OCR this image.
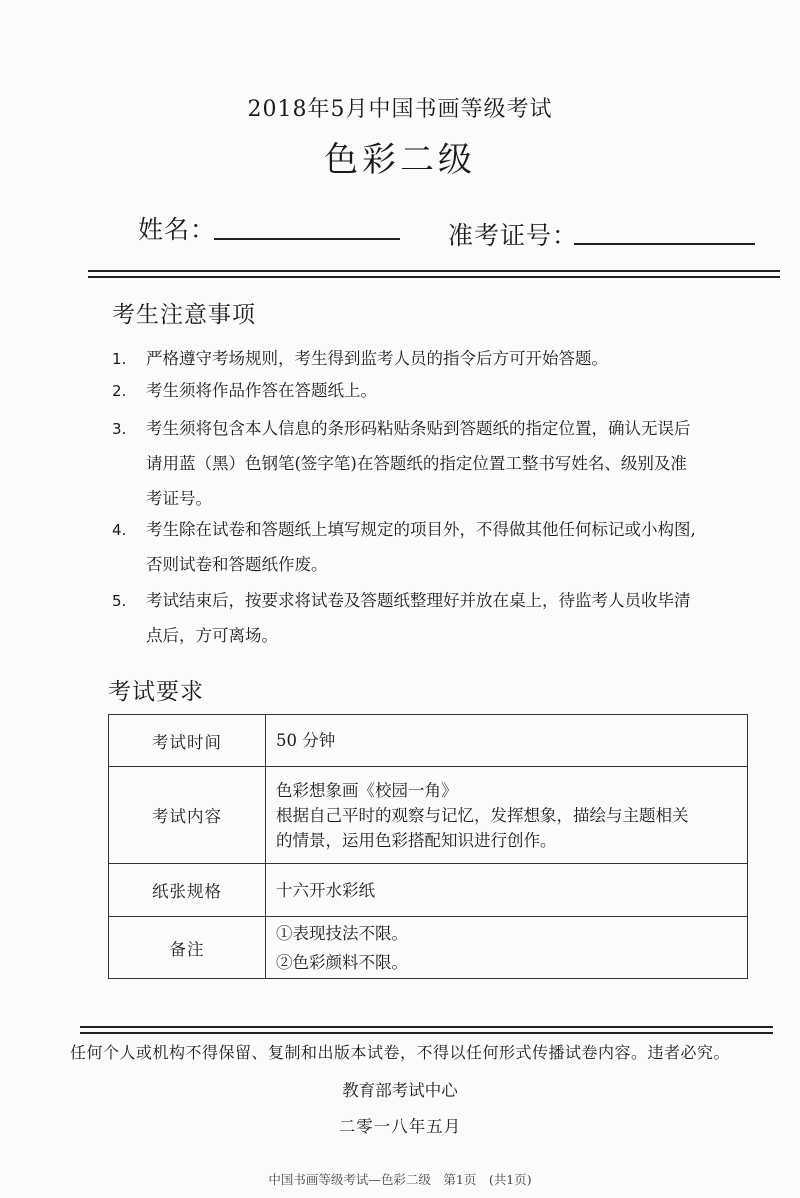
2018年5月中国书画等级考试
色彩二级
姓名：	准考证号：
考生注意事项
1.	严格遵守考场规则，考生得到监考人员的指令后方可开始答题。
2.	考生须将作品作答在答题纸上。
3.	考生须将包含本人信息的条形码粘贴条贴到答题纸的指定位置，确认无误后
请用蓝（黑）色钢笔(签字笔)在答题纸的指定位置工整书写姓名、级别及准
考证号。
4.	考生除在试卷和答题纸上填写规定的项目外，不得做其他任何标记或小构图,
否则试卷和答题纸作废。
5.	考试结束后，按要求将试卷及答题纸整理好并放在桌上，待监考人员收毕清
点后，方可离场。
考试要求
考试时间	50 分钟

考试内容	色彩想象画《校园一角》
根据自己平时的观察与记忆，发挥想象，描绘与主题相关
的情景，运用色彩搭配知识进行创作。

纸张规格	十六开水彩纸

备注	①表现技法不限。
②色彩颜料不限。
任何个人或机构不得保留、复制和出版本试卷，不得以任何形式传播试卷内容。违者必究。
教育部考试中心
二零一八年五月
中国书画等级考试—色彩二级　第1页　(共1页)
